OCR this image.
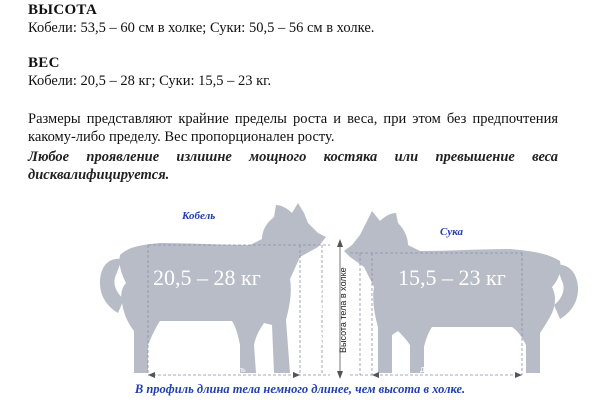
ВЫСОТА
Кобели: 53,5 – 60 см в холке; Суки: 50,5 – 56 см в холке.
ВЕС
Кобели: 20,5 – 28 кг; Суки: 15,5 – 23 кг.

Размеры представляют крайние пределы роста и веса, при этом без предпочтения какому-либо пределу. Вес пропорционален росту.

Любое проявление излишне мощного костяка или превышение веса дисквалифицируется.

Кобель
Сука
20,5 – 28 кг	15,5 – 23 кг
53,5 – 61 см	50,5 – 56 см
Высота тела в холке
Длина тела в профиль	Длина тела в профиль
В профиль длина тела немного длинее, чем высота в холке.
